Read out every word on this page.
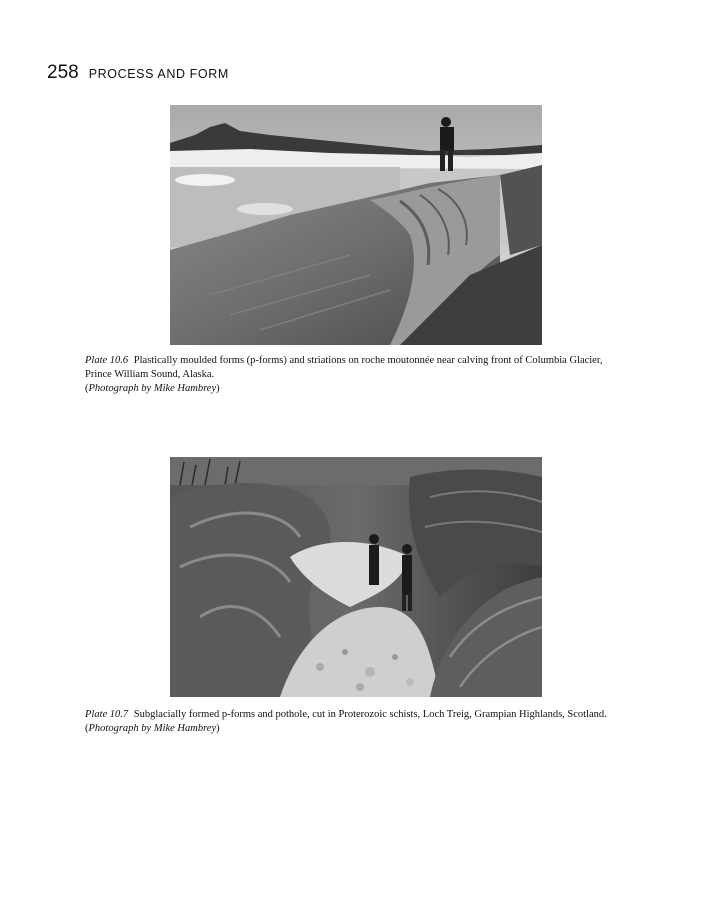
258 PROCESS AND FORM
Plate 10.6 Plastically moulded forms (p-forms) and striations on roche moutonnée near calving front of Columbia Glacier, Prince William Sound, Alaska.
(Photograph by Mike Hambrey)
Plate 10.7 Subglacially formed p-forms and pothole, cut in Proterozoic schists, Loch Treig, Grampian Highlands, Scotland.
(Photograph by Mike Hambrey)
